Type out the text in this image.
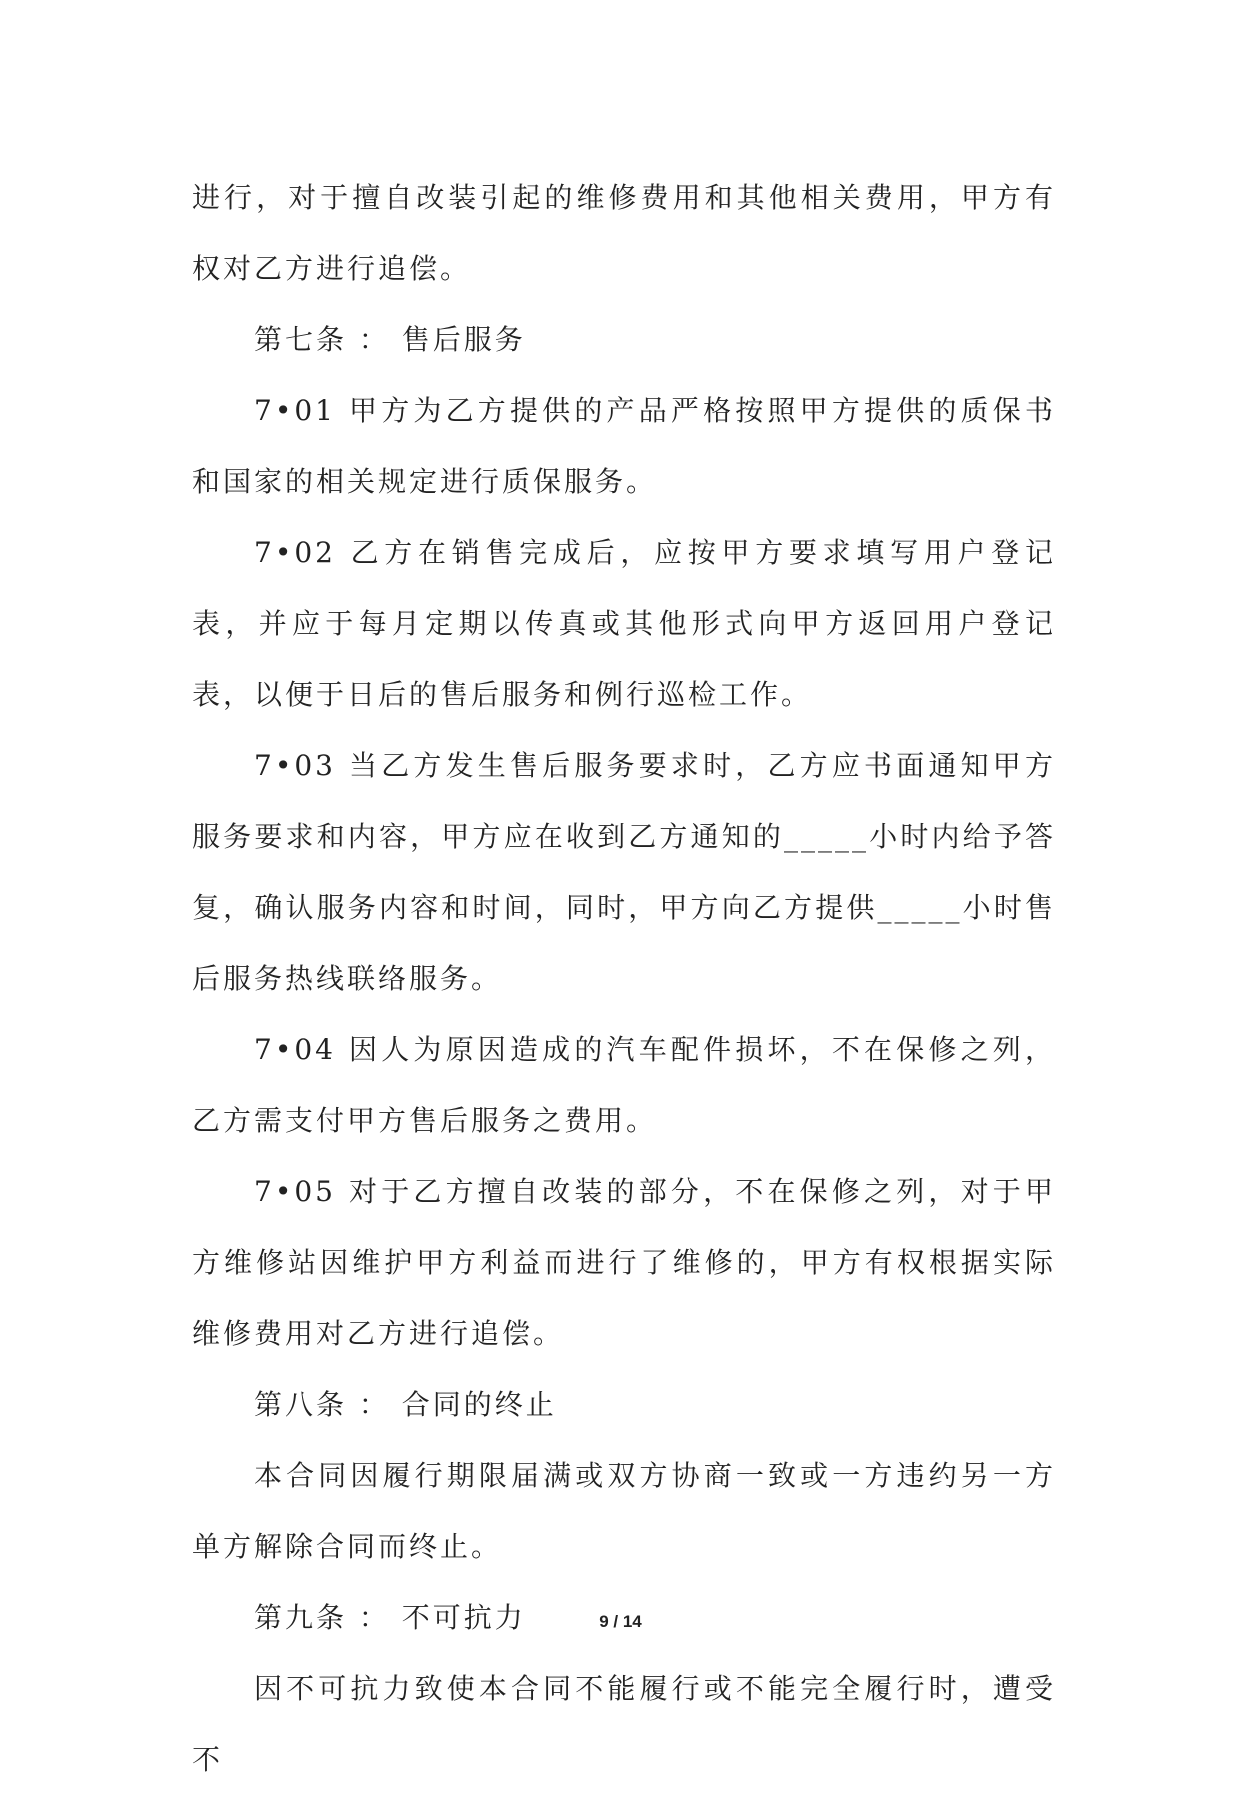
进行，对于擅自改装引起的维修费用和其他相关费用，甲方有权对乙方进行追偿。

第七条 ： 售后服务

7•01 甲方为乙方提供的产品严格按照甲方提供的质保书和国家的相关规定进行质保服务。

7•02 乙方在销售完成后，应按甲方要求填写用户登记表，并应于每月定期以传真或其他形式向甲方返回用户登记表，以便于日后的售后服务和例行巡检工作。

7•03 当乙方发生售后服务要求时，乙方应书面通知甲方服务要求和内容，甲方应在收到乙方通知的_____小时内给予答复，确认服务内容和时间，同时，甲方向乙方提供_____小时售后服务热线联络服务。

7•04 因人为原因造成的汽车配件损坏，不在保修之列，乙方需支付甲方售后服务之费用。

7•05 对于乙方擅自改装的部分，不在保修之列，对于甲方维修站因维护甲方利益而进行了维修的，甲方有权根据实际维修费用对乙方进行追偿。

第八条 ： 合同的终止

本合同因履行期限届满或双方协商一致或一方违约另一方单方解除合同而终止。

第九条 ： 不可抗力

因不可抗力致使本合同不能履行或不能完全履行时，遭受不

9 / 14
